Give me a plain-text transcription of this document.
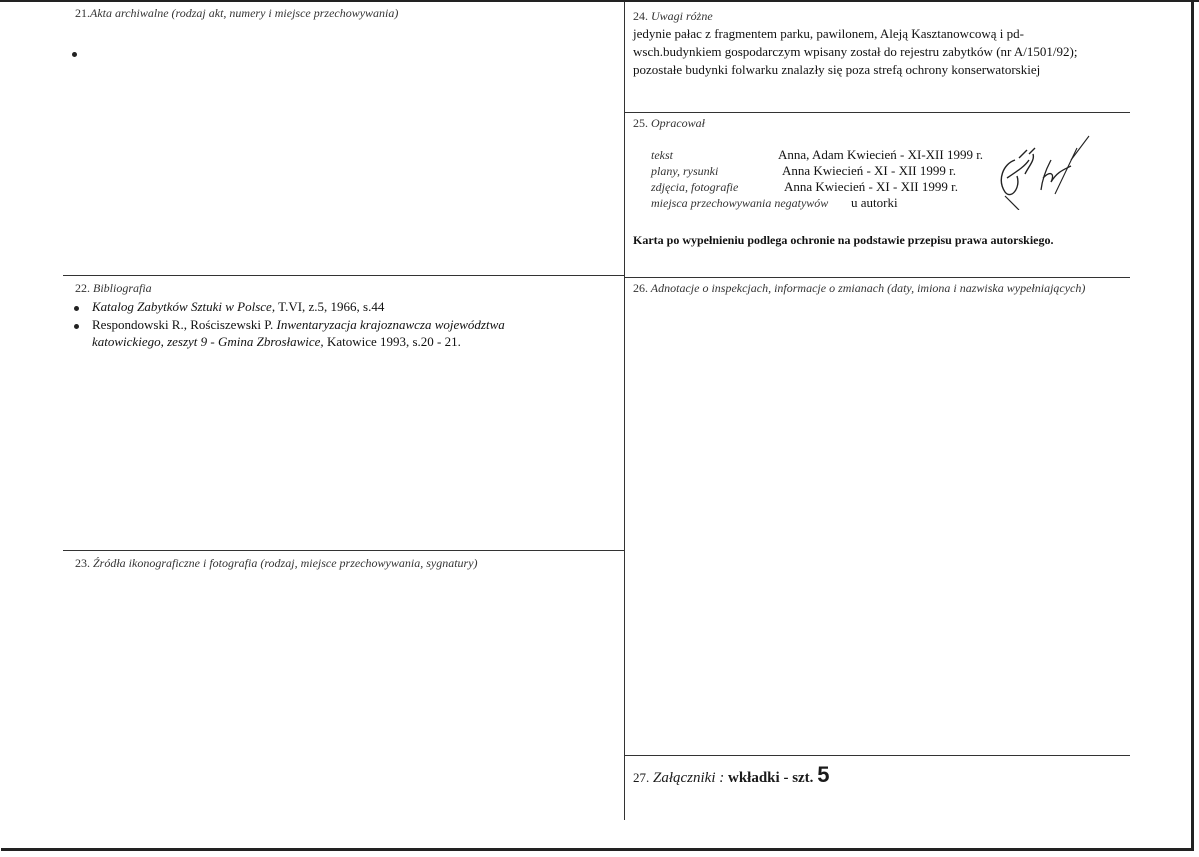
21.Akta archiwalne (rodzaj akt, numery i miejsce przechowywania)
22. Bibliografia
Katalog Zabytków Sztuki w Polsce, T.VI, z.5, 1966, s.44
Respondowski R., Rościszewski P. Inwentaryzacja krajoznawcza województwa
katowickiego, zeszyt 9 - Gmina Zbrosławice, Katowice 1993, s.20 - 21.
23. Źródła ikonograficzne i fotografia (rodzaj, miejsce przechowywania, sygnatury)
24. Uwagi różne
jedynie pałac z fragmentem parku, pawilonem, Aleją Kasztanowcową i pd-
wsch.budynkiem gospodarczym wpisany został do rejestru zabytków (nr A/1501/92);
pozostałe budynki folwarku znalazły się poza strefą ochrony konserwatorskiej
25. Opracował
tekst	Anna, Adam Kwiecień - XI-XII 1999 r.
plany, rysunki	Anna Kwiecień - XI - XII 1999 r.
zdjęcia, fotografie	Anna Kwiecień - XI - XII 1999 r.
miejsca przechowywania negatywów u autorki
Karta po wypełnieniu podlega ochronie na podstawie przepisu prawa autorskiego.
26. Adnotacje o inspekcjach, informacje o zmianach (daty, imiona i nazwiska wypełniających)
27. Załączniki : wkładki - szt. 5
